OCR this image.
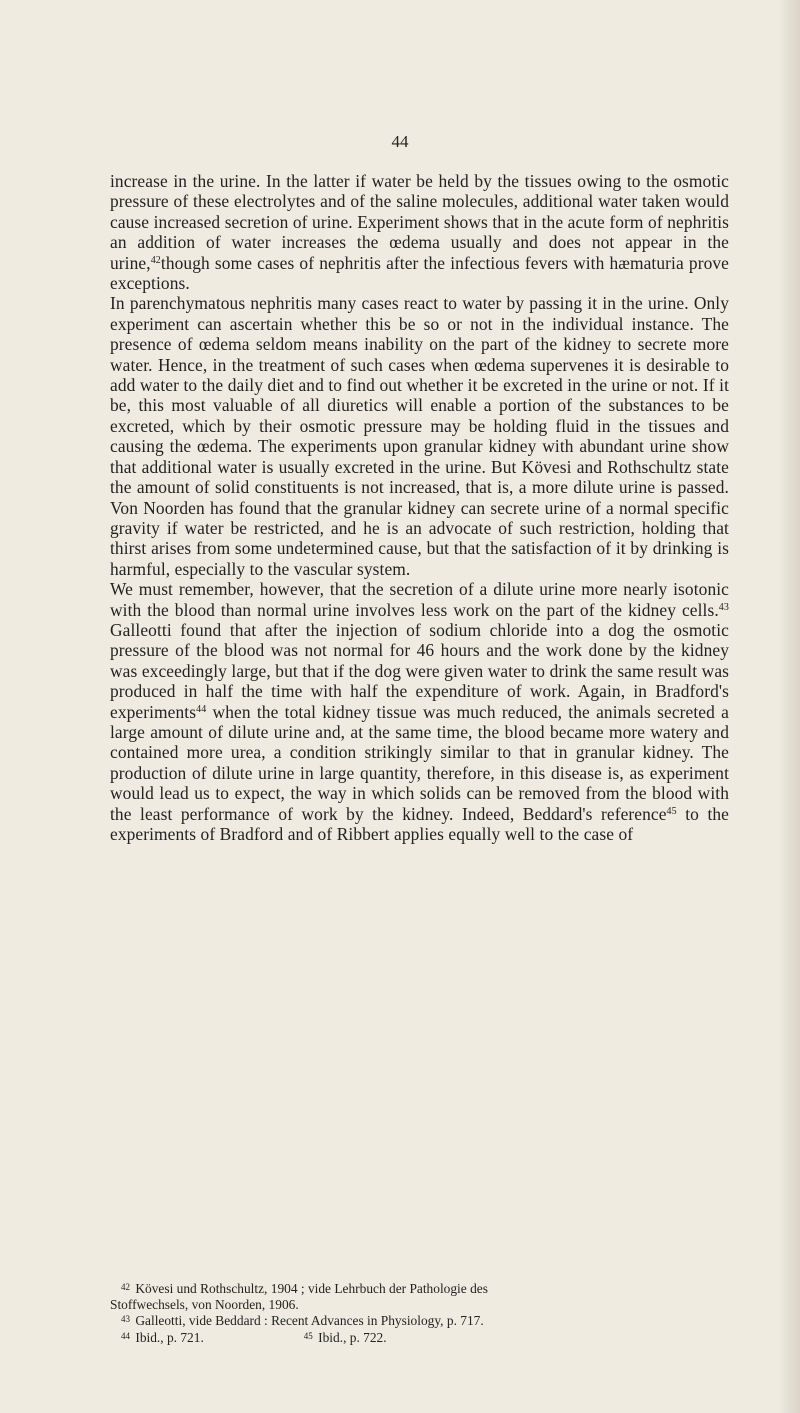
44

increase in the urine. In the latter if water be held by the tissues owing to the osmotic pressure of these electrolytes and of the saline molecules, additional water taken would cause increased secretion of urine. Experiment shows that in the acute form of nephritis an addition of water increases the œdema usually and does not appear in the urine,$^{42}$though some cases of nephritis after the infectious fevers with hæmaturia prove exceptions.

In parenchymatous nephritis many cases react to water by passing it in the urine. Only experiment can ascertain whether this be so or not in the individual instance. The presence of œdema seldom means inability on the part of the kidney to secrete more water. Hence, in the treatment of such cases when œdema supervenes it is desirable to add water to the daily diet and to find out whether it be excreted in the urine or not. If it be, this most valuable of all diuretics will enable a portion of the substances to be excreted, which by their osmotic pressure may be holding fluid in the tissues and causing the œdema. The experiments upon granular kidney with abundant urine show that additional water is usually excreted in the urine. But Kövesi and Rothschultz state the amount of solid constituents is not increased, that is, a more dilute urine is passed. Von Noorden has found that the granular kidney can secrete urine of a normal specific gravity if water be restricted, and he is an advocate of such restriction, holding that thirst arises from some undetermined cause, but that the satisfaction of it by drinking is harmful, especially to the vascular system.

We must remember, however, that the secretion of a dilute urine more nearly isotonic with the blood than normal urine involves less work on the part of the kidney cells.$^{43}$ Galleotti found that after the injection of sodium chloride into a dog the osmotic pressure of the blood was not normal for 46 hours and the work done by the kidney was exceedingly large, but that if the dog were given water to drink the same result was produced in half the time with half the expenditure of work. Again, in Bradford's experiments$^{44}$ when the total kidney tissue was much reduced, the animals secreted a large amount of dilute urine and, at the same time, the blood became more watery and contained more urea, a condition strikingly similar to that in granular kidney. The production of dilute urine in large quantity, therefore, in this disease is, as experiment would lead us to expect, the way in which solids can be removed from the blood with the least performance of work by the kidney. Indeed, Beddard's reference$^{45}$ to the experiments of Bradford and of Ribbert applies equally well to the case of

$^{42}$ Kövesi und Rothschultz, 1904 ; vide Lehrbuch der Pathologie des
Stoffwechsels, von Noorden, 1906.
$^{43}$ Galleotti, vide Beddard : Recent Advances in Physiology, p. 717.
$^{44}$ Ibid., p. 721.	$^{45}$ Ibid., p. 722.
